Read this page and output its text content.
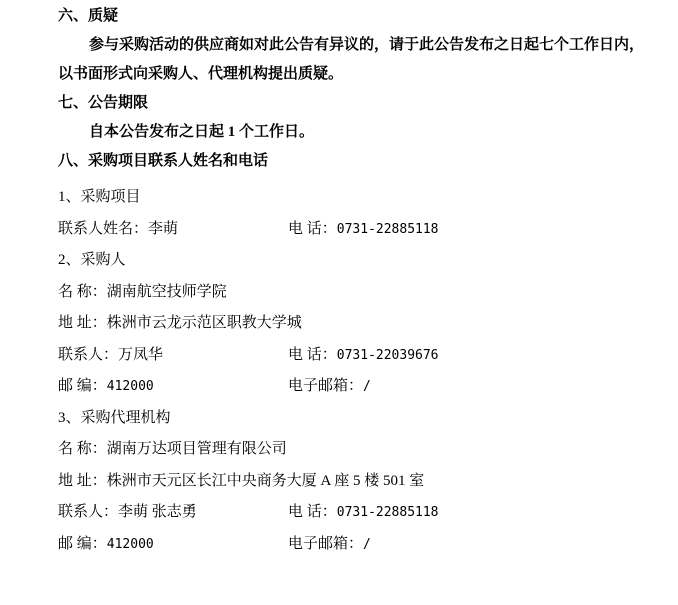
六、质疑
参与采购活动的供应商如对此公告有异议的，请于此公告发布之日起七个工作日内，
以书面形式向采购人、代理机构提出质疑。
七、公告期限
自本公告发布之日起 1 个工作日。
八、采购项目联系人姓名和电话
1、采购项目
联系人姓名：李萌	电 话：0731-22885118
2、采购人
名 称：湖南航空技师学院
地 址：株洲市云龙示范区职教大学城
联系人：万凤华	电 话：0731-22039676
邮 编：412000	电子邮箱：/
3、采购代理机构
名 称：湖南万达项目管理有限公司
地 址：株洲市天元区长江中央商务大厦 A 座 5 楼 501 室
联系人：李萌 张志勇	电 话：0731-22885118
邮 编：412000	电子邮箱：/
